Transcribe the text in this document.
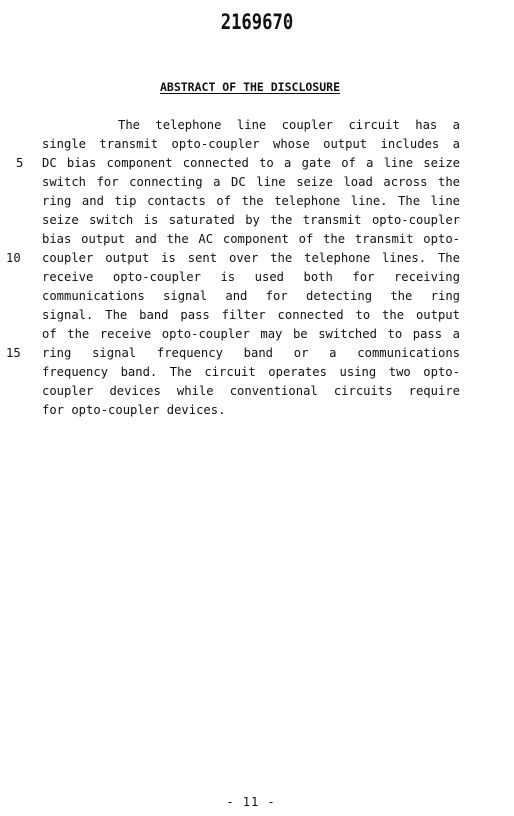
2169670
ABSTRACT OF THE DISCLOSURE
The telephone line coupler circuit has a
single transmit opto-coupler whose output includes a
5	DC bias component connected to a gate of a line seize
switch for connecting a DC line seize load across the
ring and tip contacts of the telephone line. The line
seize switch is saturated by the transmit opto-coupler
bias output and the AC component of the transmit opto-
10	coupler output is sent over the telephone lines. The
receive opto-coupler is used both for receiving
communications signal and for detecting the ring
signal. The band pass filter connected to the output
of the receive opto-coupler may be switched to pass a
15	ring signal frequency band or a communications
frequency band. The circuit operates using two opto-
coupler devices while conventional circuits require
for opto-coupler devices.
- 11 -
